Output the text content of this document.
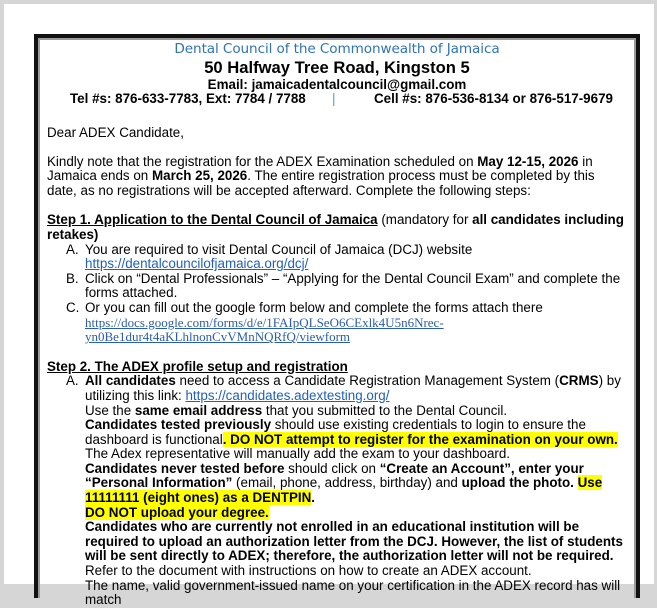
Dental Council of the Commonwealth of Jamaica
50 Halfway Tree Road, Kingston 5
Email: jamaicadentalcouncil@gmail.com
Tel #s: 876-633-7783, Ext: 7784 / 7788 |	Cell #s: 876-536-8134 or 876-517-9679

Dear ADEX Candidate,

Kindly note that the registration for the ADEX Examination scheduled on May 12-15, 2026 in Jamaica ends on March 25, 2026. The entire registration process must be completed by this date, as no registrations will be accepted afterward. Complete the following steps:

Step 1. Application to the Dental Council of Jamaica (mandatory for all candidates including retakes)

A. You are required to visit Dental Council of Jamaica (DCJ) website
https://dentalcouncilofjamaica.org/dcj/
B. Click on “Dental Professionals” – “Applying for the Dental Council Exam” and complete the forms attached.
C. Or you can fill out the google form below and complete the forms attach there
https://docs.google.com/forms/d/e/1FAIpQLSeO6CExlk4U5n6Nrec-
yn0Be1dur4t4aKLhlnonCvVMnNQRfQ/viewform

Step 2. The ADEX profile setup and registration

A. All candidates need to access a Candidate Registration Management System (CRMS) by utilizing this link: https://candidates.adextesting.org/
Use the same email address that you submitted to the Dental Council.
Candidates tested previously should use existing credentials to login to ensure the dashboard is functional. DO NOT attempt to register for the examination on your own. The Adex representative will manually add the exam to your dashboard.
Candidates never tested before should click on “Create an Account”, enter your “Personal Information” (email, phone, address, birthday) and upload the photo. Use 11111111 (eight ones) as a DENTPIN.
DO NOT upload your degree.
Candidates who are currently not enrolled in an educational institution will be required to upload an authorization letter from the DCJ. However, the list of students will be sent directly to ADEX; therefore, the authorization letter will not be required.
Refer to the document with instructions on how to create an ADEX account.
The name, valid government-issued name on your certification in the ADEX record has will match
